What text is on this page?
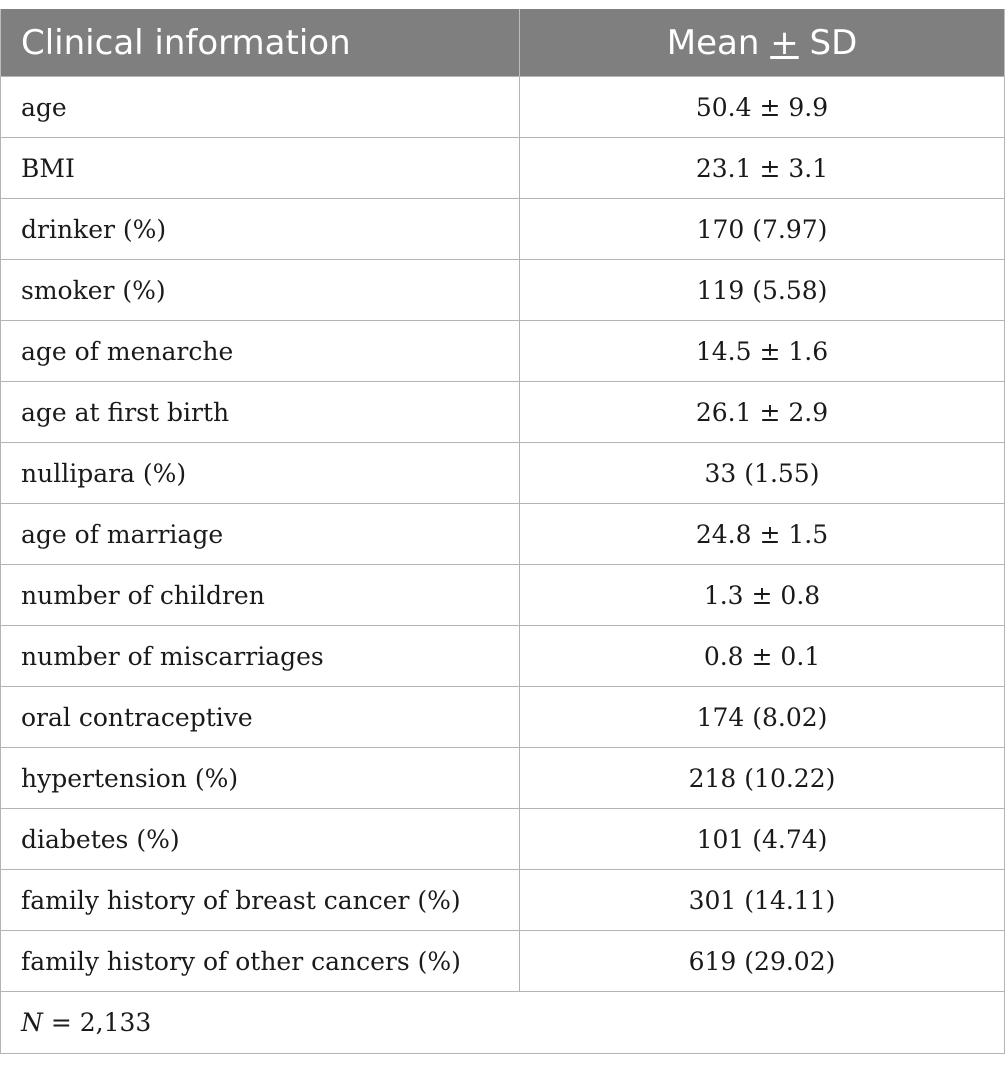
Clinical information	Mean + SD
age	50.4 ± 9.9
BMI	23.1 ± 3.1
drinker (%)	170 (7.97)
smoker (%)	119 (5.58)
age of menarche	14.5 ± 1.6
age at first birth	26.1 ± 2.9
nullipara (%)	33 (1.55)
age of marriage	24.8 ± 1.5
number of children	1.3 ± 0.8
number of miscarriages	0.8 ± 0.1
oral contraceptive	174 (8.02)
hypertension (%)	218 (10.22)
diabetes (%)	101 (4.74)
family history of breast cancer (%)	301 (14.11)
family history of other cancers (%)	619 (29.02)
N = 2,133	
